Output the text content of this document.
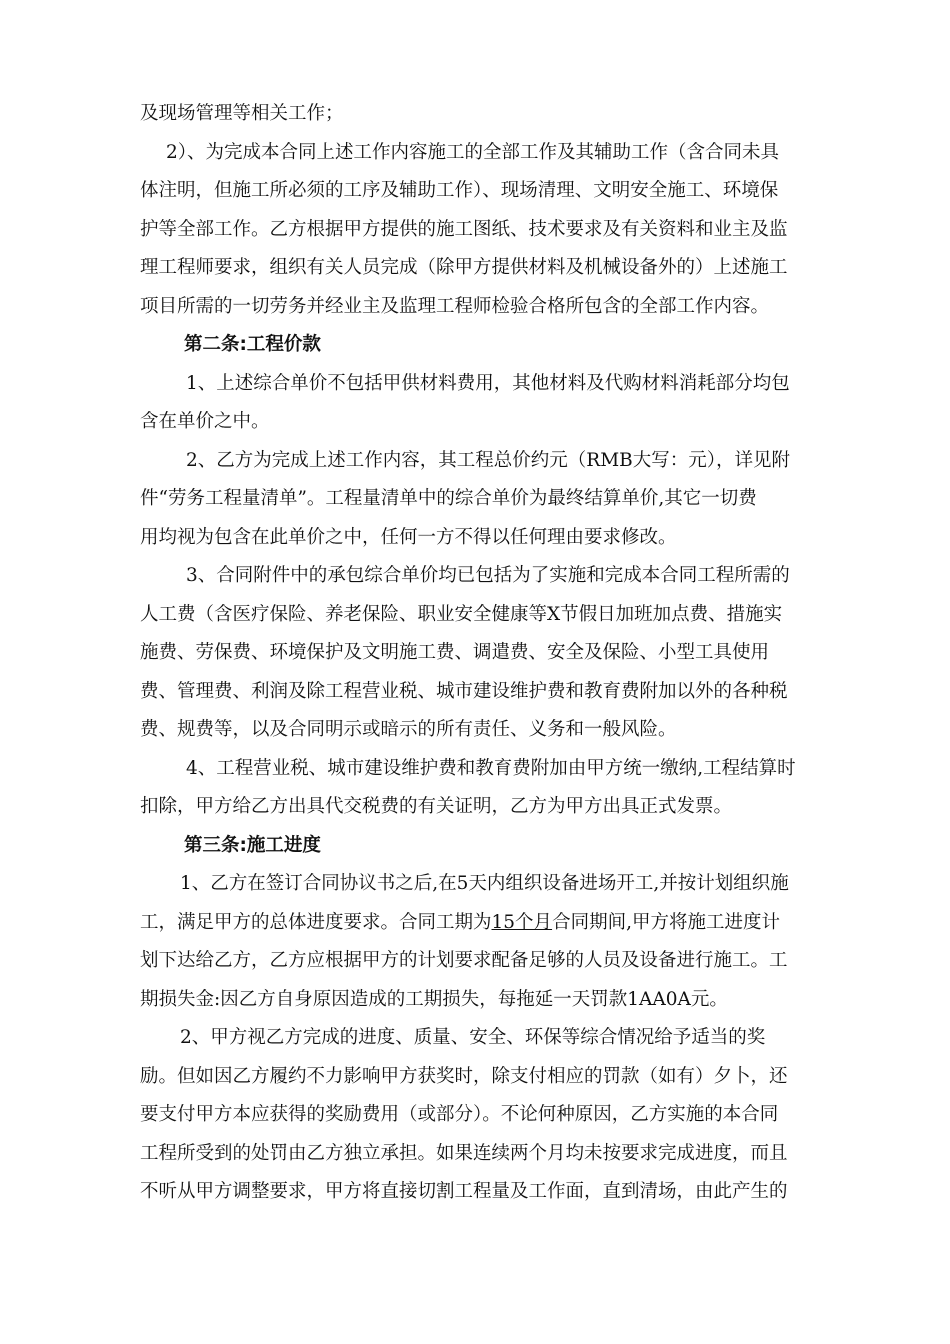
及现场管理等相关工作；
2）、为完成本合同上述工作内容施工的全部工作及其辅助工作（含合同未具
体注明，但施工所必须的工序及辅助工作）、现场清理、文明安全施工、环境保
护等全部工作。乙方根据甲方提供的施工图纸、技术要求及有关资料和业主及监
理工程师要求，组织有关人员完成（除甲方提供材料及机械设备外的）上述施工
项目所需的一切劳务并经业主及监理工程师检验合格所包含的全部工作内容。
第二条:工程价款
1、上述综合单价不包括甲供材料费用，其他材料及代购材料消耗部分均包
含在单价之中。
2、乙方为完成上述工作内容，其工程总价约元（RMB大写：元），详见附
件“劳务工程量清单”。工程量清单中的综合单价为最终结算单价,其它一切费
用均视为包含在此单价之中，任何一方不得以任何理由要求修改。
3、合同附件中的承包综合单价均已包括为了实施和完成本合同工程所需的
人工费（含医疗保险、养老保险、职业安全健康等X节假日加班加点费、措施实
施费、劳保费、环境保护及文明施工费、调遣费、安全及保险、小型工具使用
费、管理费、利润及除工程营业税、城市建设维护费和教育费附加以外的各种税
费、规费等，以及合同明示或暗示的所有责任、义务和一般风险。
4、工程营业税、城市建设维护费和教育费附加由甲方统一缴纳,工程结算时
扣除，甲方给乙方出具代交税费的有关证明，乙方为甲方出具正式发票。
第三条:施工进度
1、乙方在签订合同协议书之后,在5天内组织设备进场开工,并按计划组织施
工，满足甲方的总体进度要求。合同工期为15个月合同期间,甲方将施工进度计
划下达给乙方，乙方应根据甲方的计划要求配备足够的人员及设备进行施工。工
期损失金:因乙方自身原因造成的工期损失，每拖延一天罚款1AA0A元。
2、甲方视乙方完成的进度、质量、安全、环保等综合情况给予适当的奖
励。但如因乙方履约不力影响甲方获奖时，除支付相应的罚款（如有）夕卜，还
要支付甲方本应获得的奖励费用（或部分）。不论何种原因，乙方实施的本合同
工程所受到的处罚由乙方独立承担。如果连续两个月均未按要求完成进度，而且
不听从甲方调整要求，甲方将直接切割工程量及工作面，直到清场，由此产生的
